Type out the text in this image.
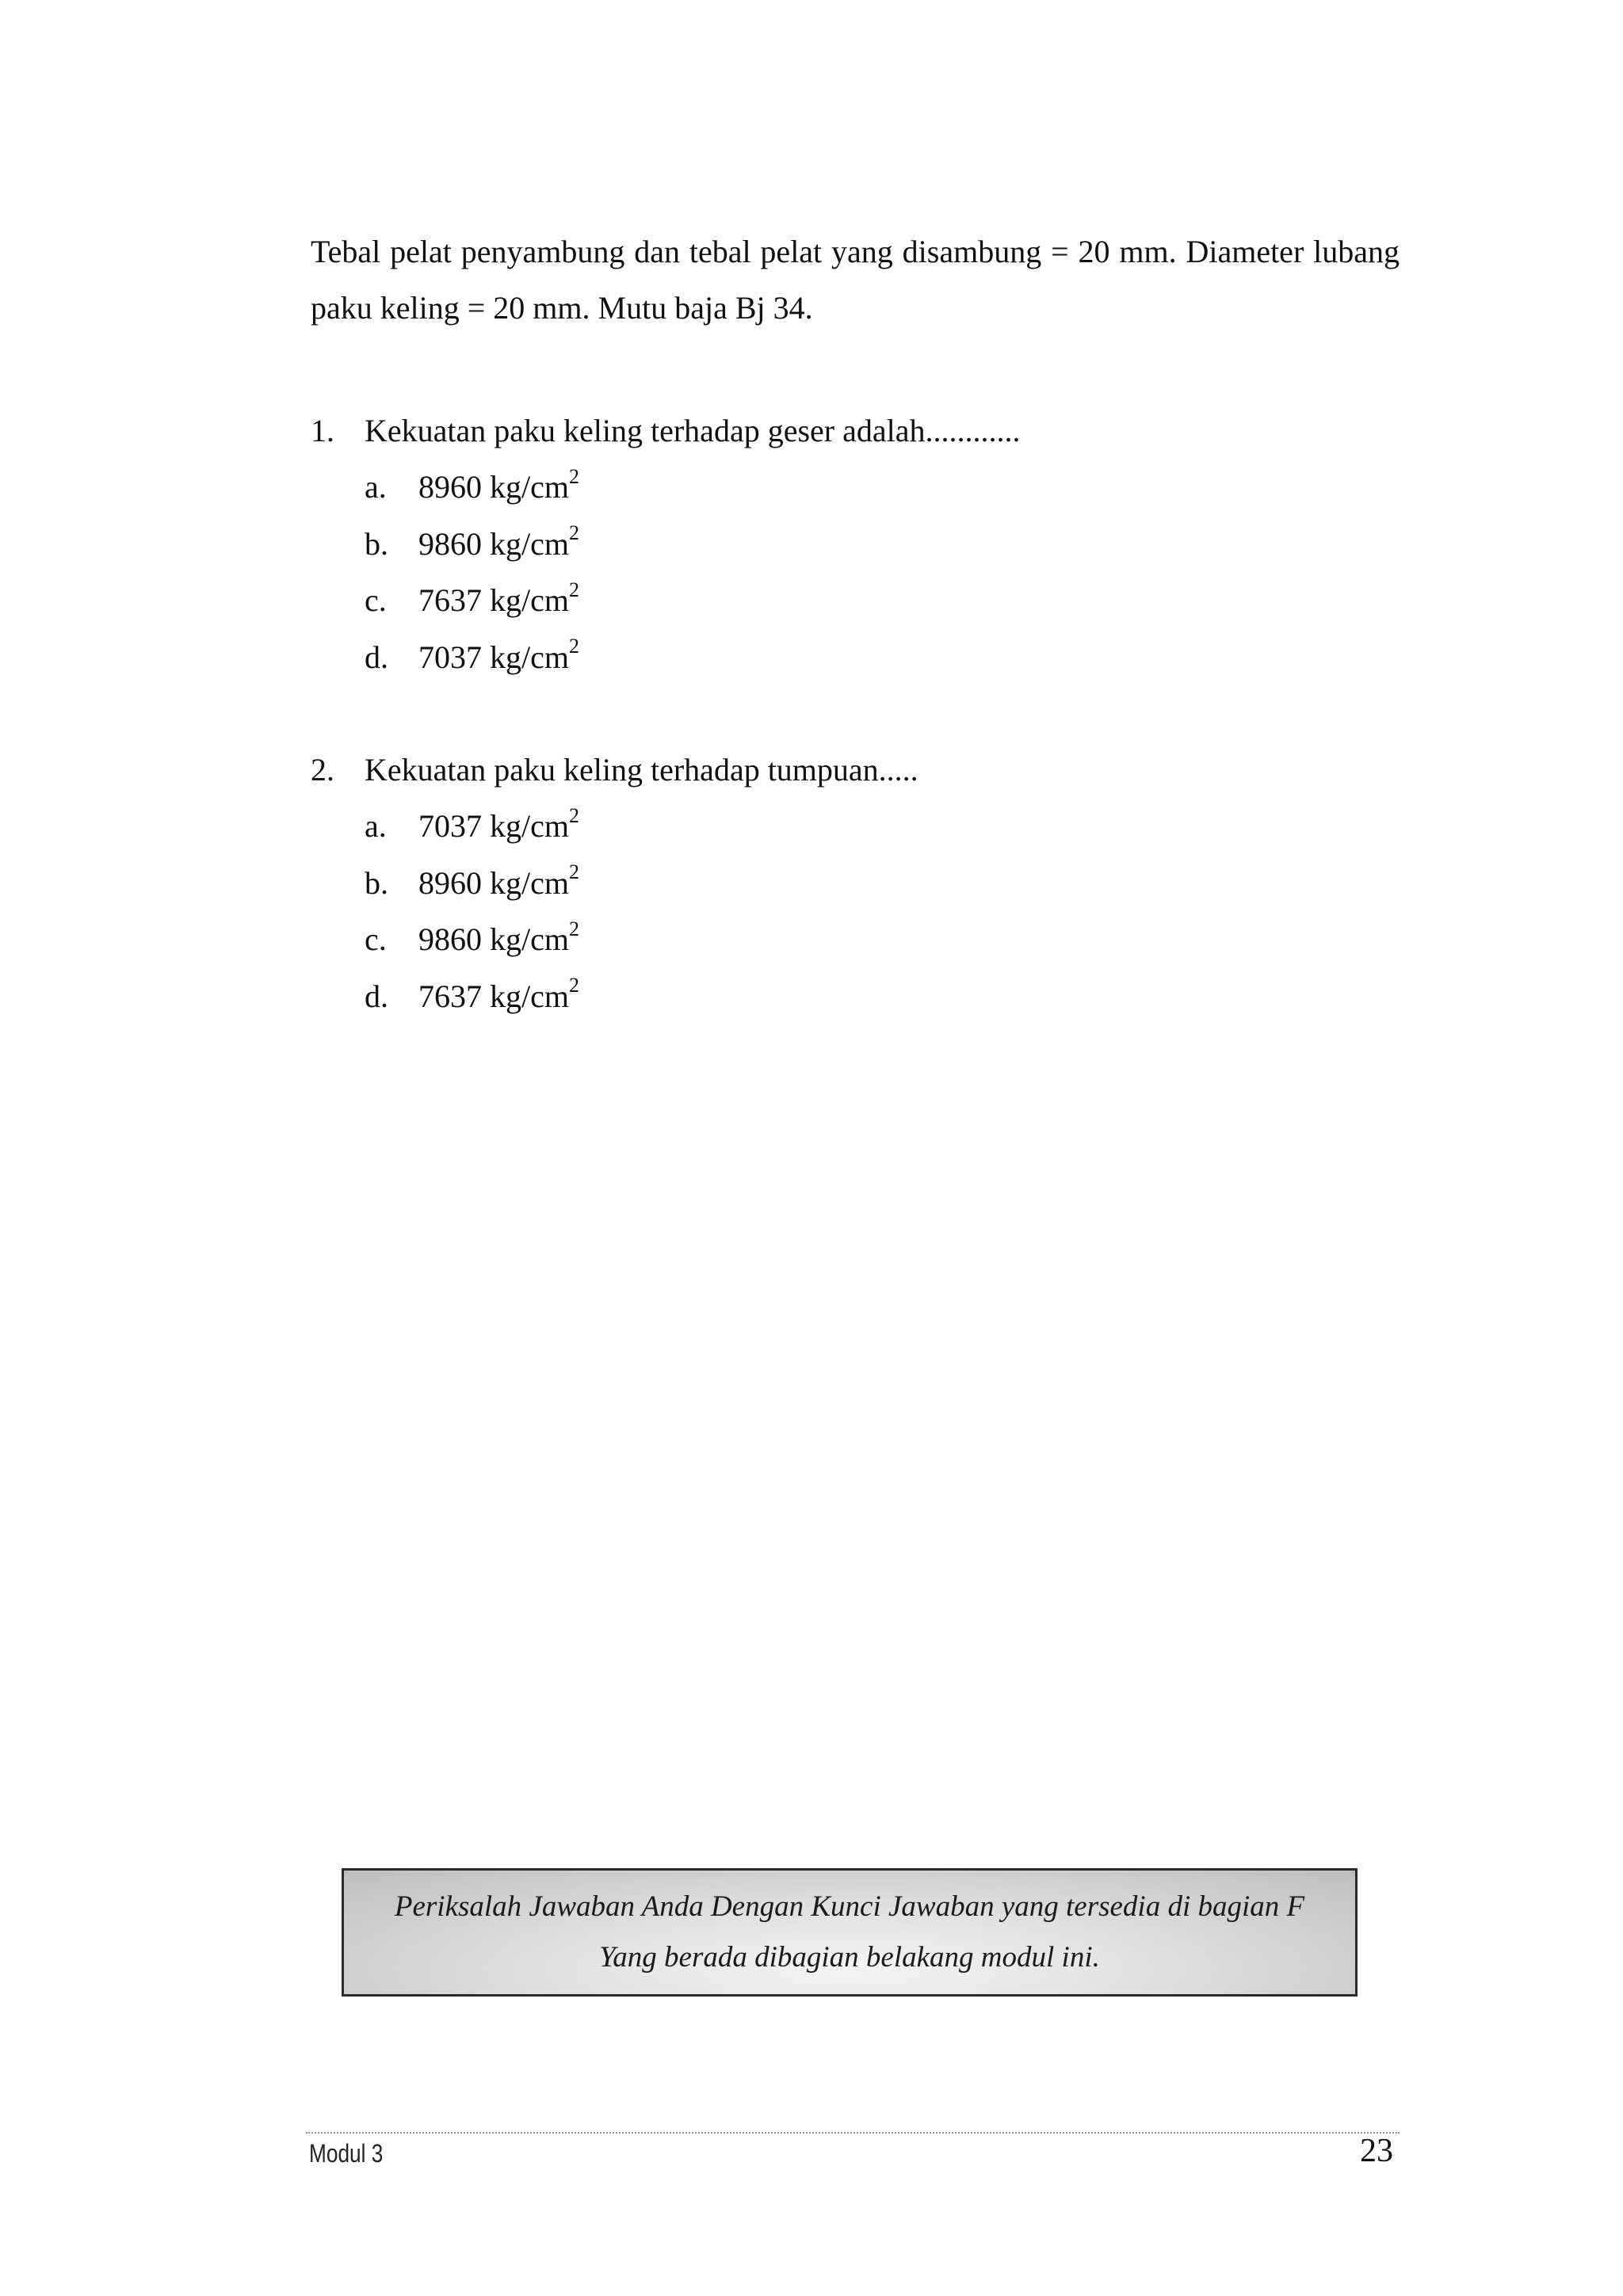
Tebal pelat penyambung dan tebal pelat yang disambung = 20 mm. Diameter lubang paku keling = 20 mm. Mutu baja Bj 34.

1. Kekuatan paku keling terhadap geser adalah............
a. 8960 $kg/cm^2$
b. 9860 $kg/cm^2$
c. 7637 $kg/cm^2$
d. 7037 $kg/cm^2$
2. Kekuatan paku keling terhadap tumpuan.....
a. 7037 $kg/cm^2$
b. 8960 $kg/cm^2$
c. 9860 $kg/cm^2$
d. 7637 $kg/cm^2$
Periksalah Jawaban Anda Dengan Kunci Jawaban yang tersedia di bagian F
Yang berada dibagian belakang modul ini.
Modul 3	23
